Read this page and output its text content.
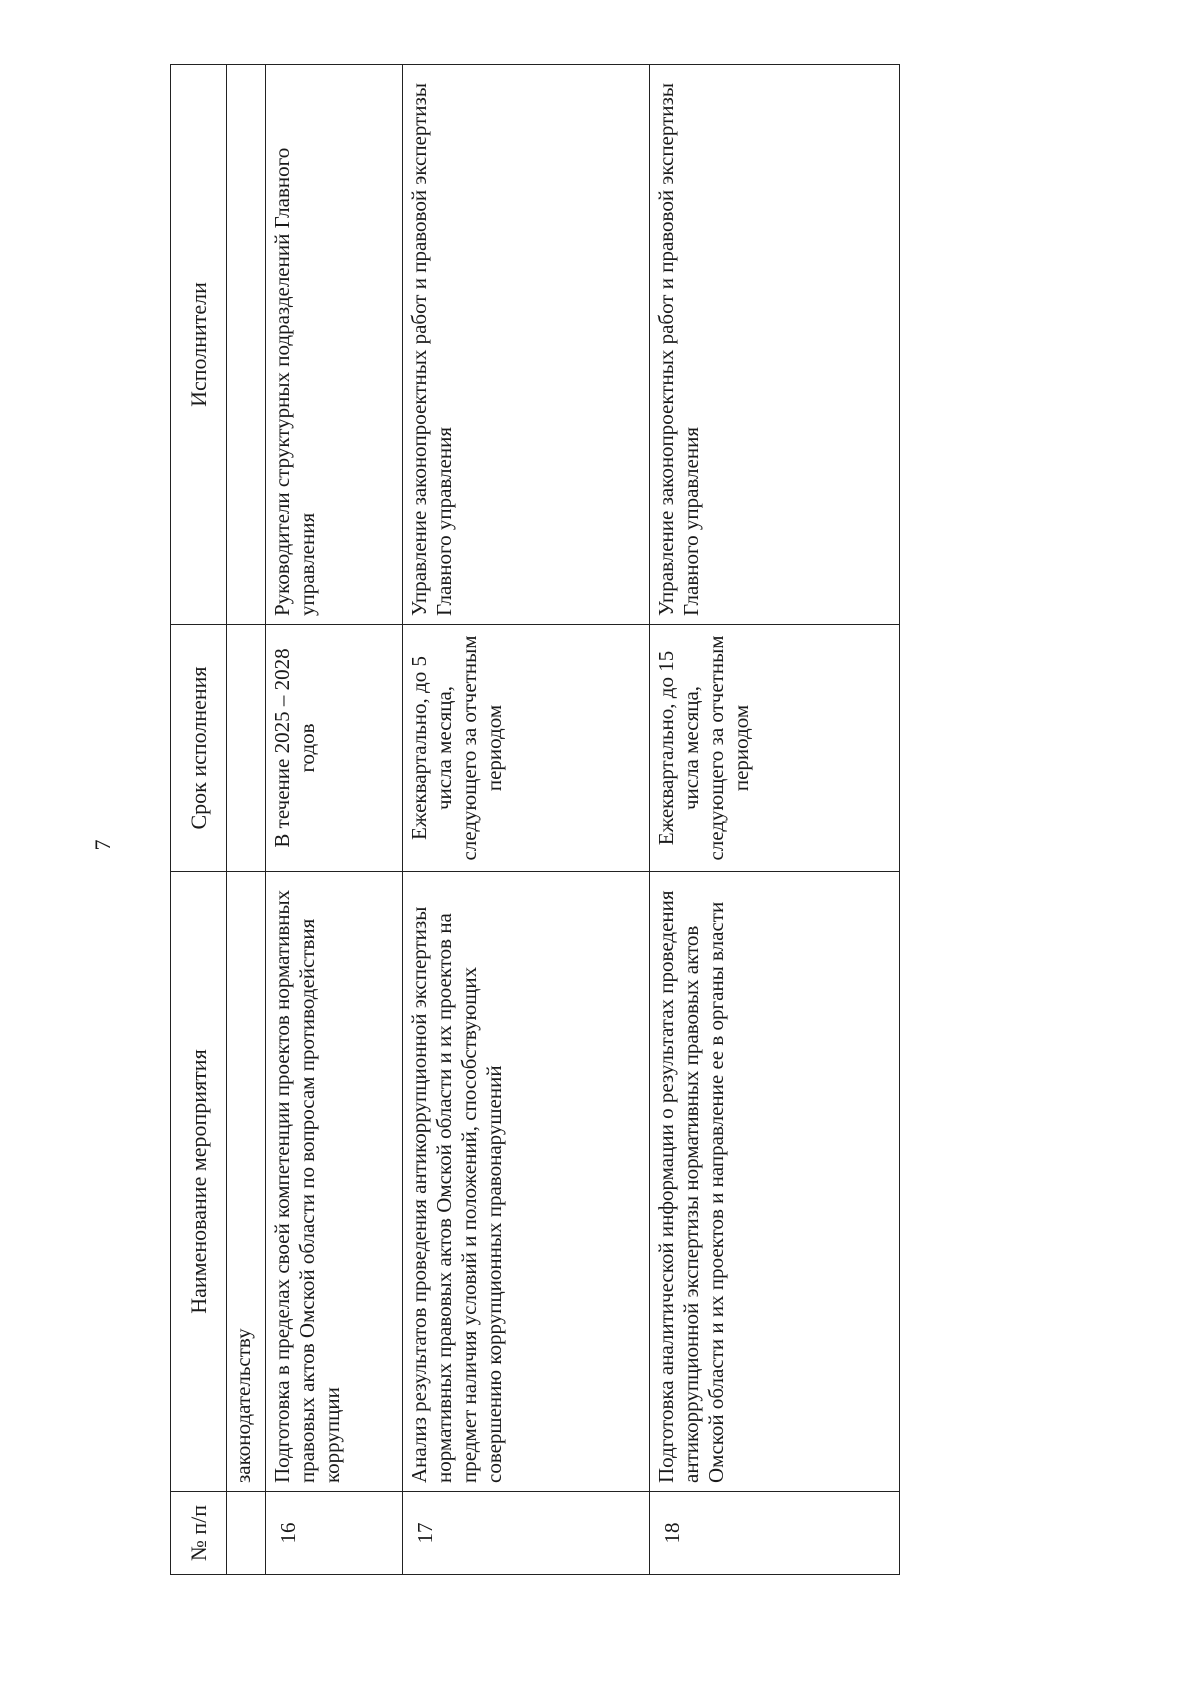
7
№ п/п	Наименование мероприятия	Срок исполнения	Исполнители
	законодательству		
16	Подготовка в пределах своей компетенции проектов нормативных правовых актов Омской области по вопросам противодействия коррупции	В течение 2025 – 2028 годов	Руководители структурных подразделений Главного управления
17	Анализ результатов проведения антикоррупционной экспертизы нормативных правовых актов Омской области и их проектов на предмет наличия условий и положений, способствующих совершению коррупционных правонарушений	Ежеквартально, до 5 числа месяца, следующего за отчетным периодом	Управление законопроектных работ и правовой экспертизы Главного управления
18	Подготовка аналитической информации о результатах проведения антикоррупционной экспертизы нормативных правовых актов Омской области и их проектов и направление ее в органы власти	Ежеквартально, до 15 числа месяца, следующего за отчетным периодом	Управление законопроектных работ и правовой экспертизы Главного управления
